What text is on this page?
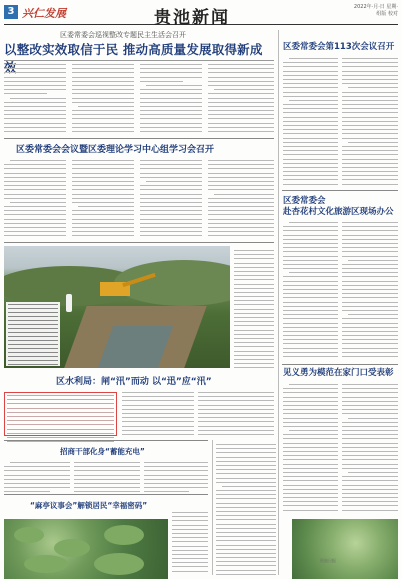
3 兴仁发展	贵池新闻
2022年·月·日 星期·
组版 校对
区委常委会巡视整改专题民主生活会召开
以整改实效取信于民 推动高质量发展取得新成效
区委常委会第113次会议召开
区委常委会会议暨区委理论学习中心组学习会召开
区委常委会
赴杏花村文化旅游区现场办公
区水利局：闸“汛”而动 以“迅”应“汛”
招商干部化身“蓄能充电”
见义勇为模范在家门口受表彰
“麻亭议事会”解锁居民“幸福密码”
贵池日报
